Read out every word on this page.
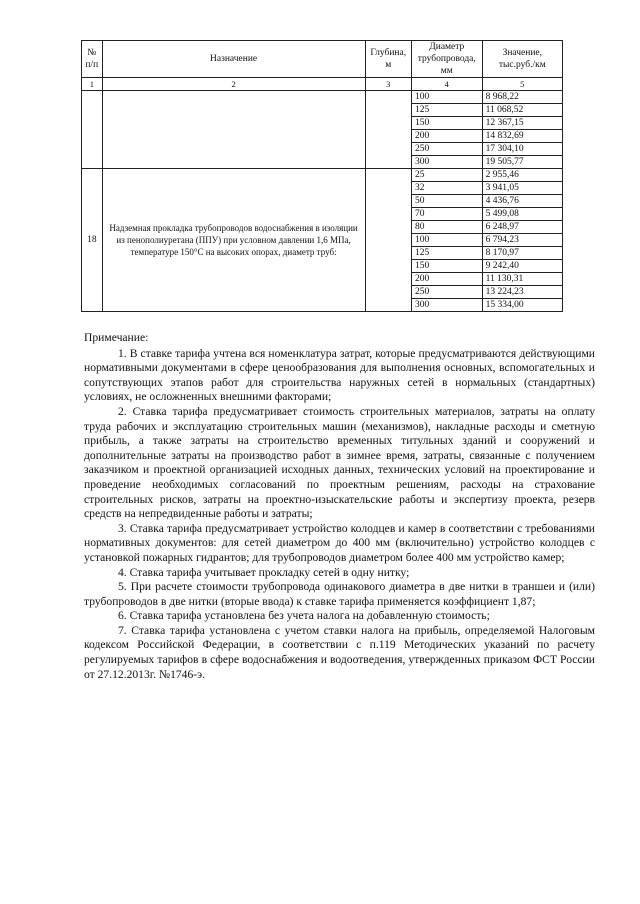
№ п/п	Назначение	Глубина, м	Диаметр трубопровода, мм	Значение, тыс.руб./км
1	2	3	4	5
			100	8 968,22
			125	11 068,52
			150	12 367,15
			200	14 832,69
			250	17 304,10
			300	19 505,77
18	Надземная прокладка трубопроводов водоснабжения в изоляции из пенополиуретана (ППУ) при условном давлении 1,6 МПа, температуре 150°С на высоких опорах, диаметр труб:		25	2 955,46
			32	3 941,05
			50	4 436,76
			70	5 499,08
			80	6 248,97
			100	6 794,23
			125	8 170,97
			150	9 242,40
			200	11 130,31
			250	13 224,23
			300	15 334,00
Примечание:

1. В ставке тарифа учтена вся номенклатура затрат, которые предусматриваются действующими нормативными документами в сфере ценообразования для выполнения основных, вспомогательных и сопутствующих этапов работ для строительства наружных сетей в нормальных (стандартных) условиях, не осложненных внешними факторами;

2. Ставка тарифа предусматривает стоимость строительных материалов, затраты на оплату труда рабочих и эксплуатацию строительных машин (механизмов), накладные расходы и сметную прибыль, а также затраты на строительство временных титульных зданий и сооружений и дополнительные затраты на производство работ в зимнее время, затраты, связанные с получением заказчиком и проектной организацией исходных данных, технических условий на проектирование и проведение необходимых согласований по проектным решениям, расходы на страхование строительных рисков, затраты на проектно-изыскательские работы и экспертизу проекта, резерв средств на непредвиденные работы и затраты;

3. Ставка тарифа предусматривает устройство колодцев и камер в соответствии с требованиями нормативных документов: для сетей диаметром до 400 мм (включительно) устройство колодцев с установкой пожарных гидрантов; для трубопроводов диаметром более 400 мм устройство камер;

4. Ставка тарифа учитывает прокладку сетей в одну нитку;

5. При расчете стоимости трубопровода одинакового диаметра в две нитки в траншеи и (или) трубопроводов в две нитки (вторые ввода) к ставке тарифа применяется коэффициент 1,87;

6. Ставка тарифа установлена без учета налога на добавленную стоимость;

7. Ставка тарифа установлена с учетом ставки налога на прибыль, определяемой Налоговым кодексом Российской Федерации, в соответствии с п.119 Методических указаний по расчету регулируемых тарифов в сфере водоснабжения и водоотведения, утвержденных приказом ФСТ России от 27.12.2013г. №1746-э.
